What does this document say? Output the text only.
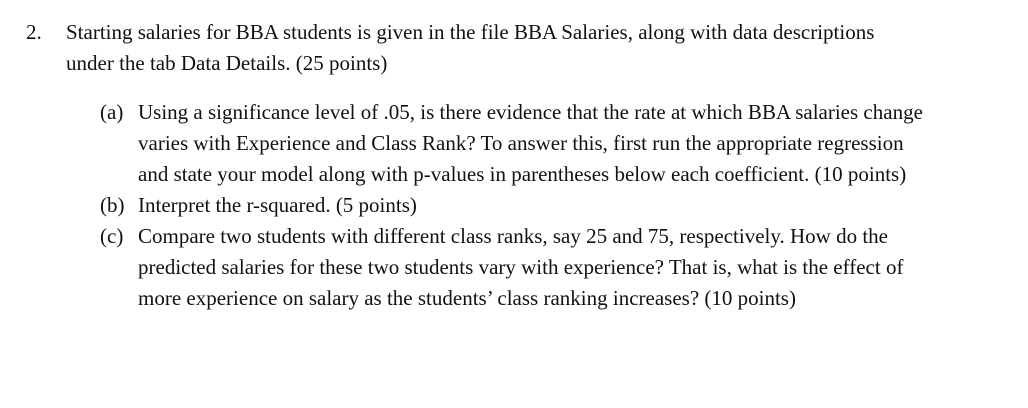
2. Starting salaries for BBA students is given in the file BBA Salaries, along with data descriptions
under the tab Data Details. (25 points)
(a) Using a significance level of .05, is there evidence that the rate at which BBA salaries change
varies with Experience and Class Rank? To answer this, first run the appropriate regression
and state your model along with p-values in parentheses below each coefficient. (10 points)
(b) Interpret the r-squared. (5 points)
(c) Compare two students with different class ranks, say 25 and 75, respectively. How do the
predicted salaries for these two students vary with experience? That is, what is the effect of
more experience on salary as the students’ class ranking increases? (10 points)
